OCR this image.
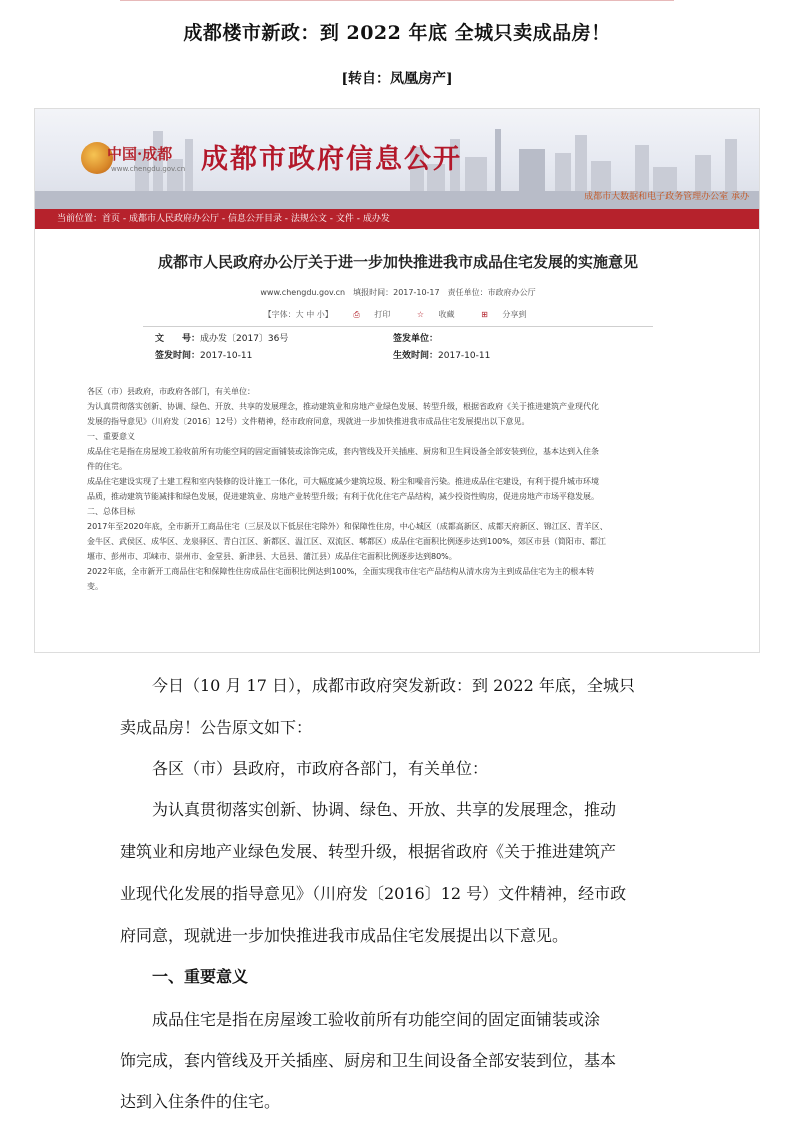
成都楼市新政：到 2022 年底 全城只卖成品房！
[转自：凤凰房产]
中国·成都
www.chengdu.gov.cn 成都市政府信息公开
成都市大数据和电子政务管理办公室 承办
当前位置：首页 - 成都市人民政府办公厅 - 信息公开目录 - 法规公文 - 文件 - 成办发
成都市人民政府办公厅关于进一步加快推进我市成品住宅发展的实施意见
www.chengdu.gov.cn　填报时间：2017-10-17　责任单位：市政府办公厅
【字体：大 中 小】	⎙ 打印	☆ 收藏	⊞ 分享到
文　　号：成办发〔2017〕36号	签发单位：
签发时间：2017-10-11	生效时间：2017-10-11

各区（市）县政府，市政府各部门，有关单位：

为认真贯彻落实创新、协调、绿色、开放、共享的发展理念，推动建筑业和房地产业绿色发展、转型升级，根据省政府《关于推进建筑产业现代化

发展的指导意见》（川府发〔2016〕12号）文件精神，经市政府同意，现就进一步加快推进我市成品住宅发展提出以下意见。

一、重要意义

成品住宅是指在房屋竣工验收前所有功能空间的固定面铺装或涂饰完成，套内管线及开关插座、厨房和卫生间设备全部安装到位，基本达到入住条

件的住宅。

成品住宅建设实现了土建工程和室内装修的设计施工一体化，可大幅度减少建筑垃圾、粉尘和噪音污染。推进成品住宅建设，有利于提升城市环境

品质，推动建筑节能减排和绿色发展，促进建筑业、房地产业转型升级；有利于优化住宅产品结构，减少投资性购房，促进房地产市场平稳发展。

二、总体目标

2017年至2020年底，全市新开工商品住宅（三层及以下低层住宅除外）和保障性住房，中心城区（成都高新区、成都天府新区、锦江区、青羊区、

金牛区、武侯区、成华区、龙泉驿区、青白江区、新都区、温江区、双流区、郫都区）成品住宅面积比例逐步达到100%，郊区市县（简阳市、都江

堰市、彭州市、邛崃市、崇州市、金堂县、新津县、大邑县、蒲江县）成品住宅面积比例逐步达到80%。

2022年底，全市新开工商品住宅和保障性住房成品住宅面积比例达到100%，全面实现我市住宅产品结构从清水房为主到成品住宅为主的根本转

变。

今日（10 月 17 日），成都市政府突发新政：到 2022 年底，全城只
卖成品房！公告原文如下：
各区（市）县政府，市政府各部门，有关单位：
为认真贯彻落实创新、协调、绿色、开放、共享的发展理念，推动
建筑业和房地产业绿色发展、转型升级，根据省政府《关于推进建筑产
业现代化发展的指导意见》（川府发〔2016〕12 号）文件精神，经市政
府同意，现就进一步加快推进我市成品住宅发展提出以下意见。
一、重要意义
成品住宅是指在房屋竣工验收前所有功能空间的固定面铺装或涂
饰完成，套内管线及开关插座、厨房和卫生间设备全部安装到位，基本
达到入住条件的住宅。
